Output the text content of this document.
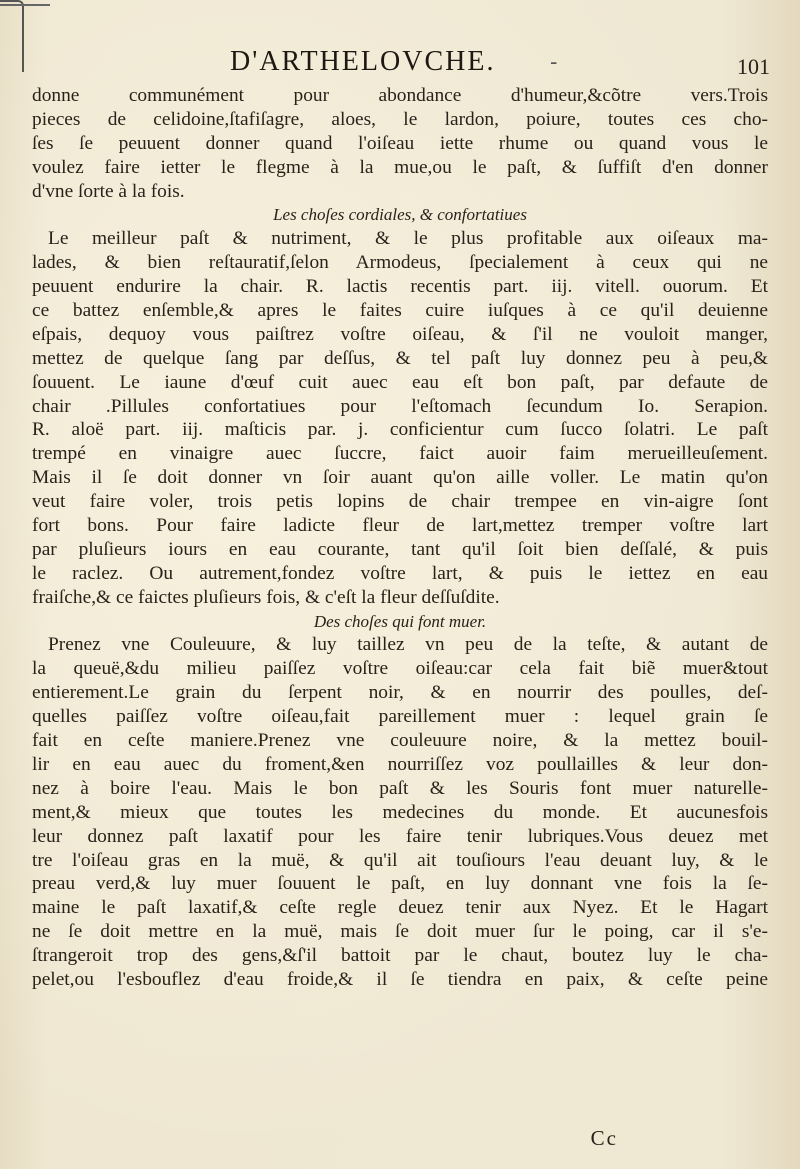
D'ARTHELOVCHE. -	101

donne communément pour abondance d'humeur,&cõtre vers.Trois
pieces de celidoine,ſtafiſagre, aloes, le lardon, poiure, toutes ces cho-
ſes ſe peuuent donner quand l'oiſeau iette rhume ou quand vous le
voulez faire ietter le flegme à la mue,ou le paſt, & ſuffiſt d'en donner
d'vne ſorte à la fois.

Les choſes cordiales, & confortatiues

Le meilleur paſt & nutriment, & le plus profitable aux oiſeaux ma-
lades, & bien reſtauratif,ſelon Armodeus, ſpecialement à ceux qui ne
peuuent endurire la chair. R. lactis recentis part. iij. vitell. ouorum. Et
ce battez enſemble,& apres le faites cuire iuſques à ce qu'il deuienne
eſpais, dequoy vous paiſtrez voſtre oiſeau, & ſ'il ne vouloit manger,
mettez de quelque ſang par deſſus, & tel paſt luy donnez peu à peu,&
ſouuent. Le iaune d'œuf cuit auec eau eſt bon paſt, par defaute de
chair .Pillules confortatiues pour l'eſtomach ſecundum Io. Serapion.
R. aloë part. iij. maſticis par. j. conficientur cum ſucco ſolatri. Le paſt
trempé en vinaigre auec ſuccre, faict auoir faim merueilleuſement.
Mais il ſe doit donner vn ſoir auant qu'on aille voller. Le matin qu'on
veut faire voler, trois petis lopins de chair trempee en vin-aigre ſont
fort bons. Pour faire ladicte fleur de lart,mettez tremper voſtre lart
par pluſieurs iours en eau courante, tant qu'il ſoit bien deſſalé, & puis
le raclez. Ou autrement,fondez voſtre lart, & puis le iettez en eau
fraiſche,& ce faictes pluſieurs fois, & c'eſt la fleur deſſuſdite.

Des choſes qui font muer.

Prenez vne Couleuure, & luy taillez vn peu de la teſte, & autant de
la queuë,&du milieu paiſſez voſtre oiſeau:car cela fait biẽ muer&tout
entierement.Le grain du ſerpent noir, & en nourrir des poulles, deſ-
quelles paiſſez voſtre oiſeau,fait pareillement muer : lequel grain ſe
fait en ceſte maniere.Prenez vne couleuure noire, & la mettez bouil-
lir en eau auec du froment,&en nourriſſez voz poullailles & leur don-
nez à boire l'eau. Mais le bon paſt & les Souris font muer naturelle-
ment,& mieux que toutes les medecines du monde. Et aucunesfois
leur donnez paſt laxatif pour les faire tenir lubriques.Vous deuez met
tre l'oiſeau gras en la muë, & qu'il ait touſiours l'eau deuant luy, & le
preau verd,& luy muer ſouuent le paſt, en luy donnant vne fois la ſe-
maine le paſt laxatif,& ceſte regle deuez tenir aux Nyez. Et le Hagart
ne ſe doit mettre en la muë, mais ſe doit muer ſur le poing, car il s'e-
ſtrangeroit trop des gens,&ſ'il battoit par le chaut, boutez luy le cha-
pelet,ou l'esbouflez d'eau froide,& il ſe tiendra en paix, & ceſte peine

Cc
